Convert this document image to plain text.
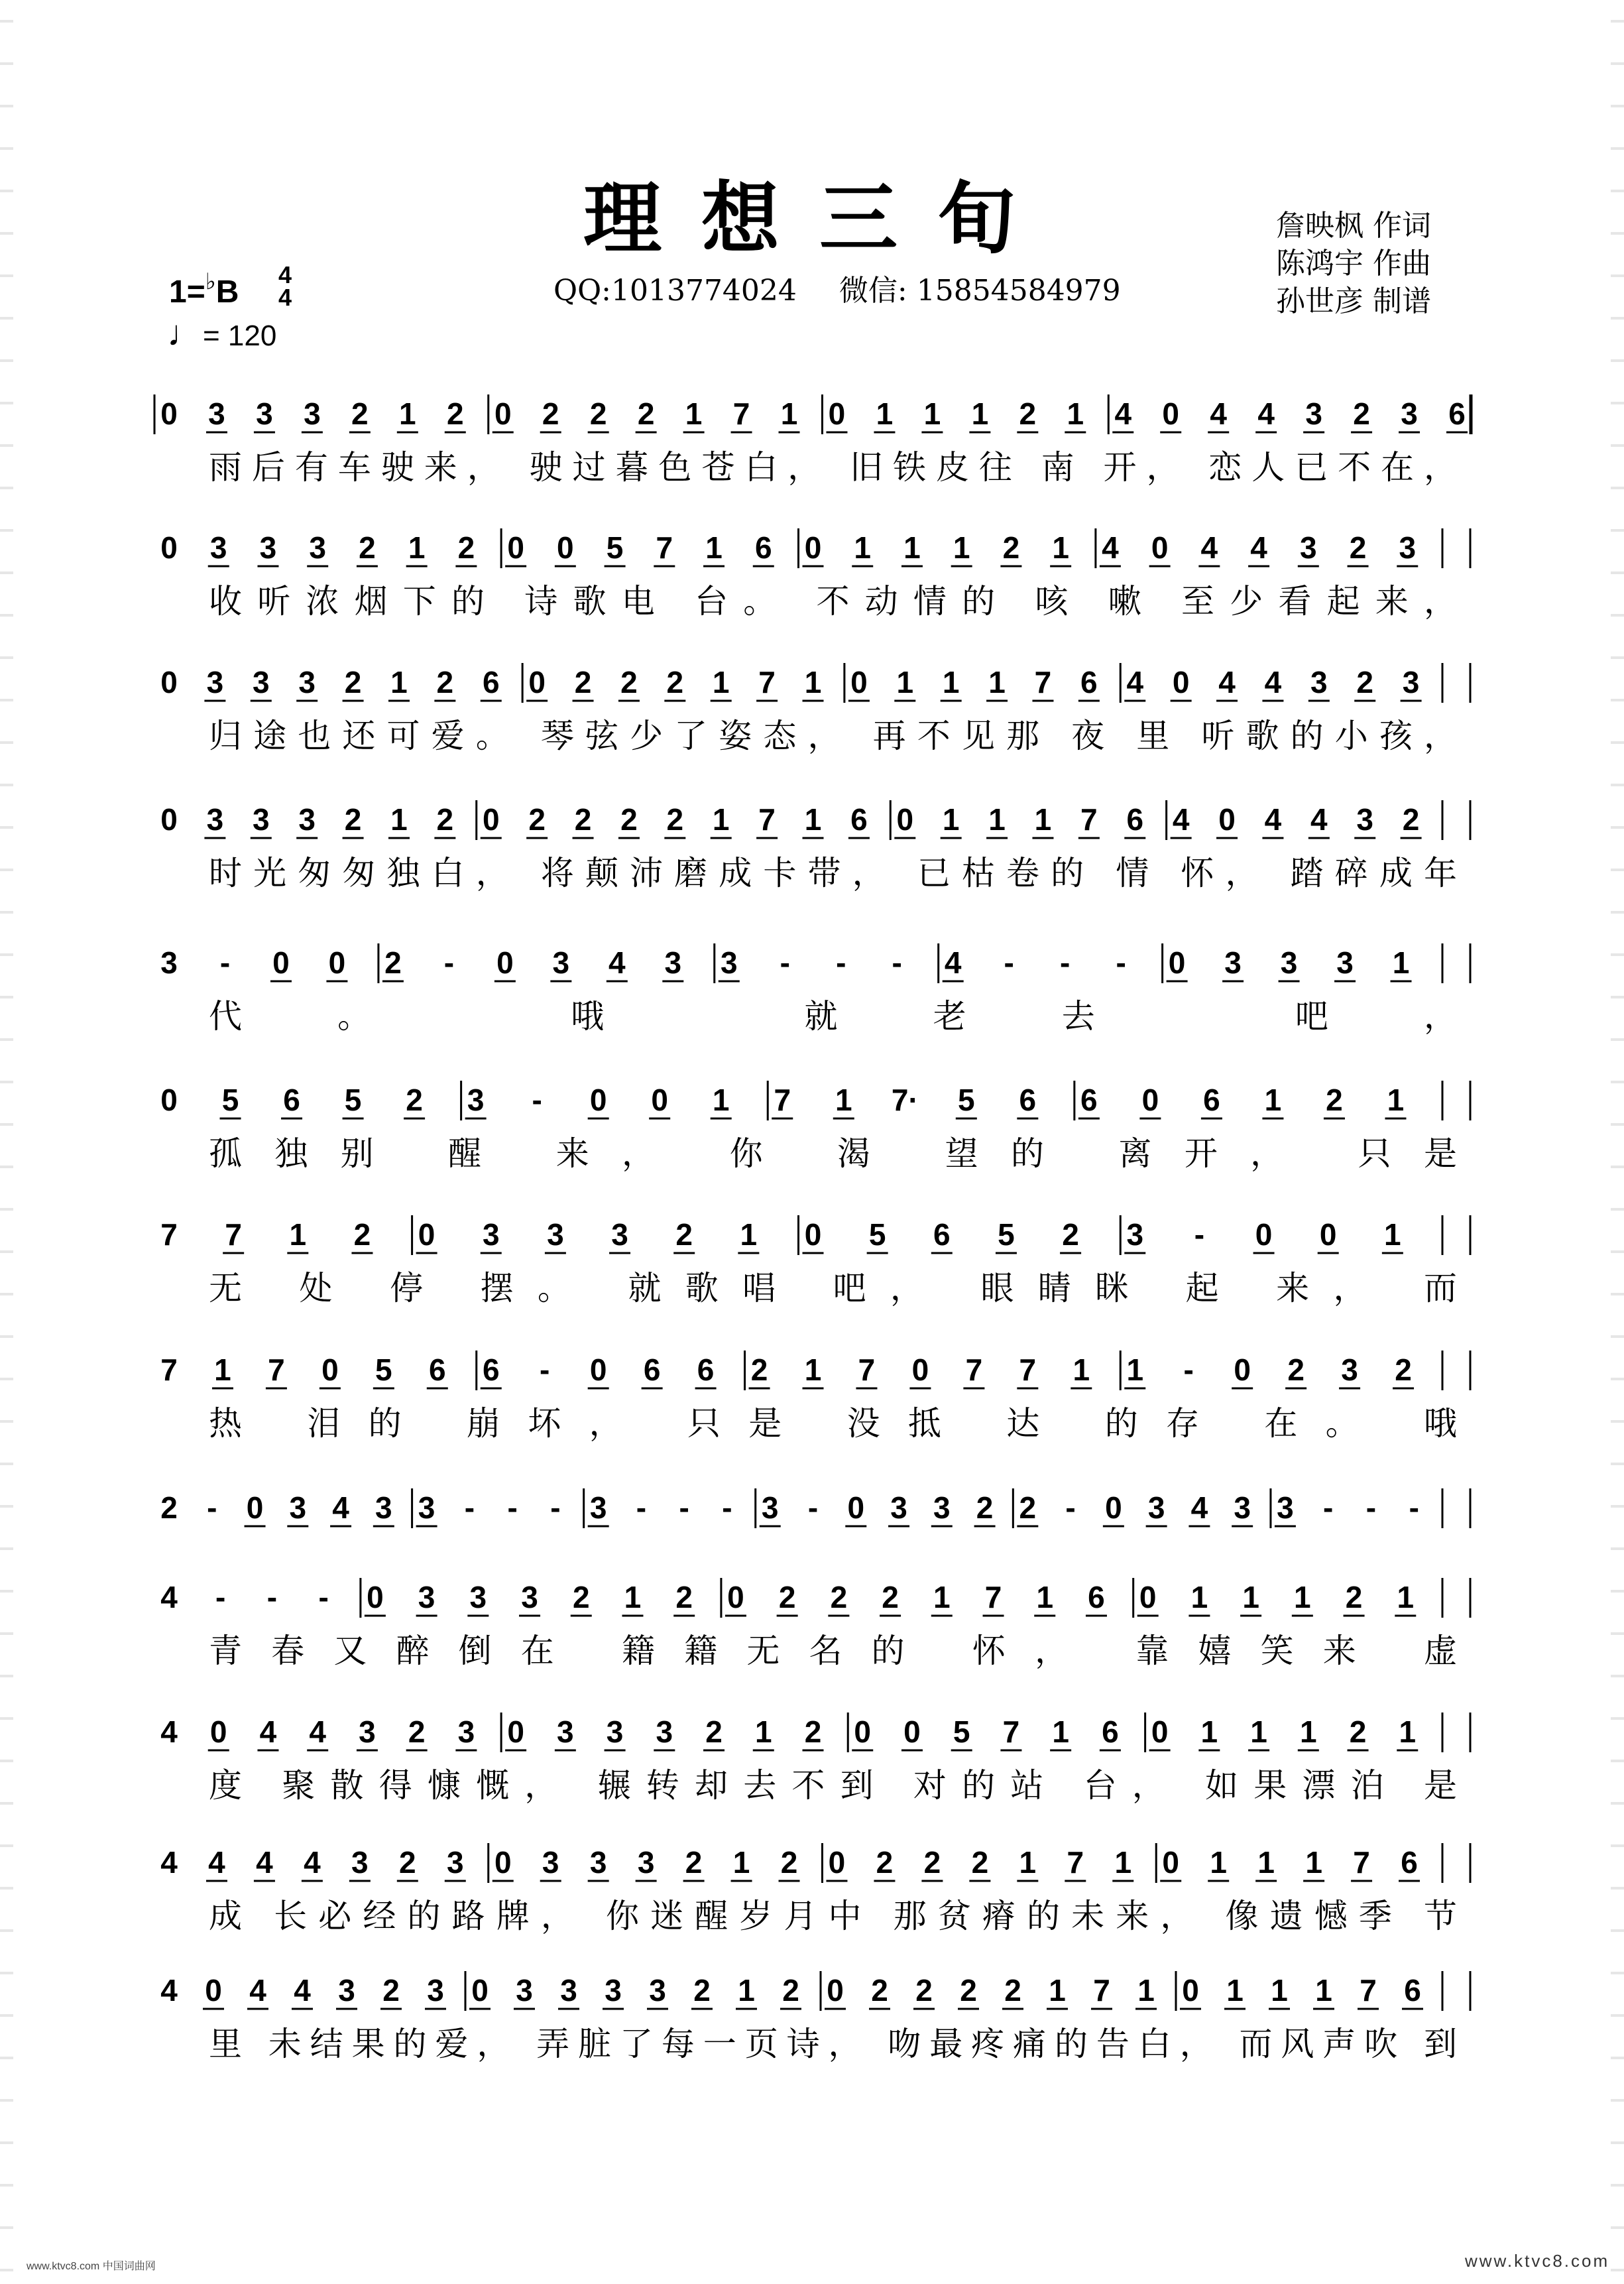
理想三旬
QQ:1013774024 微信: 15854584979
詹映枫 作词
陈鸿宇 作曲
孙世彦 制谱
1=♭B 4
4
♩= 120
0 3 3 3 2 1 2 0 2 2 2 1 7 1 0 1 1 1 2 1 4 0 4 4 3 2 3 6
雨后有车驶来， 驶过暮色苍白， 旧铁皮往 南 开， 恋人已不在，
0 3 3 3 2 1 2 0 0 5 7 1 6 0 1 1 1 2 1 4 0 4 4 3 2 3
收听浓烟下的 诗歌电 台。 不动情的 咳 嗽 至少看起来，
0 3 3 3 2 1 2 6 0 2 2 2 1 7 1 0 1 1 1 7 6 4 0 4 4 3 2 3
归途也还可爱。 琴弦少了姿态， 再不见那 夜 里 听歌的小孩，
0 3 3 3 2 1 2 0 2 2 2 2 1 7 1 6 0 1 1 1 7 6 4 0 4 4 3 2
时光匆匆独白， 将颠沛磨成卡带， 已枯卷的 情 怀， 踏碎成年
3 - 0 0 2 - 0 3 4 3 3 - - - 4 - - - 0 3 3 3 1
代。 哦 就老去 吧，
0 5 6 5 2 3 - 0 0 1 7 1 7· 5 6 6 0 6 1 2 1
孤独别 醒 来， 你 渴 望的 离开， 只是
7 7 1 2 0 3 3 3 2 1 0 5 6 5 2 3 - 0 0 1
无 处 停 摆。 就歌唱 吧， 眼睛眯 起 来， 而
7 1 7 0 5 6 6 - 0 6 6 2 1 7 0 7 7 1 1 - 0 2 3 2
热 泪的 崩坏， 只是 没抵 达 的存 在。 哦
2 - 0 3 4 3 3 - - - 3 - - - 3 - 0 3 3 2 2 - 0 3 4 3 3 - - -
4 - - - 0 3 3 3 2 1 2 0 2 2 2 1 7 1 6 0 1 1 1 2 1
青春又醉倒在 籍籍无名的 怀， 靠嬉笑来 虚
4 0 4 4 3 2 3 0 3 3 3 2 1 2 0 0 5 7 1 6 0 1 1 1 2 1
度 聚散得慷慨， 辗转却去不到 对的站 台， 如果漂泊 是
4 4 4 4 3 2 3 0 3 3 3 2 1 2 0 2 2 2 1 7 1 0 1 1 1 7 6
成 长必经的路牌， 你迷醒岁月中 那贫瘠的未来， 像遗憾季 节
4 0 4 4 3 2 3 0 3 3 3 3 2 1 2 0 2 2 2 2 1 7 1 0 1 1 1 7 6
里 未结果的爱， 弄脏了每一页诗， 吻最疼痛的告白， 而风声吹 到
www.ktvc8.com 中国词曲网	www.ktvc8.com
